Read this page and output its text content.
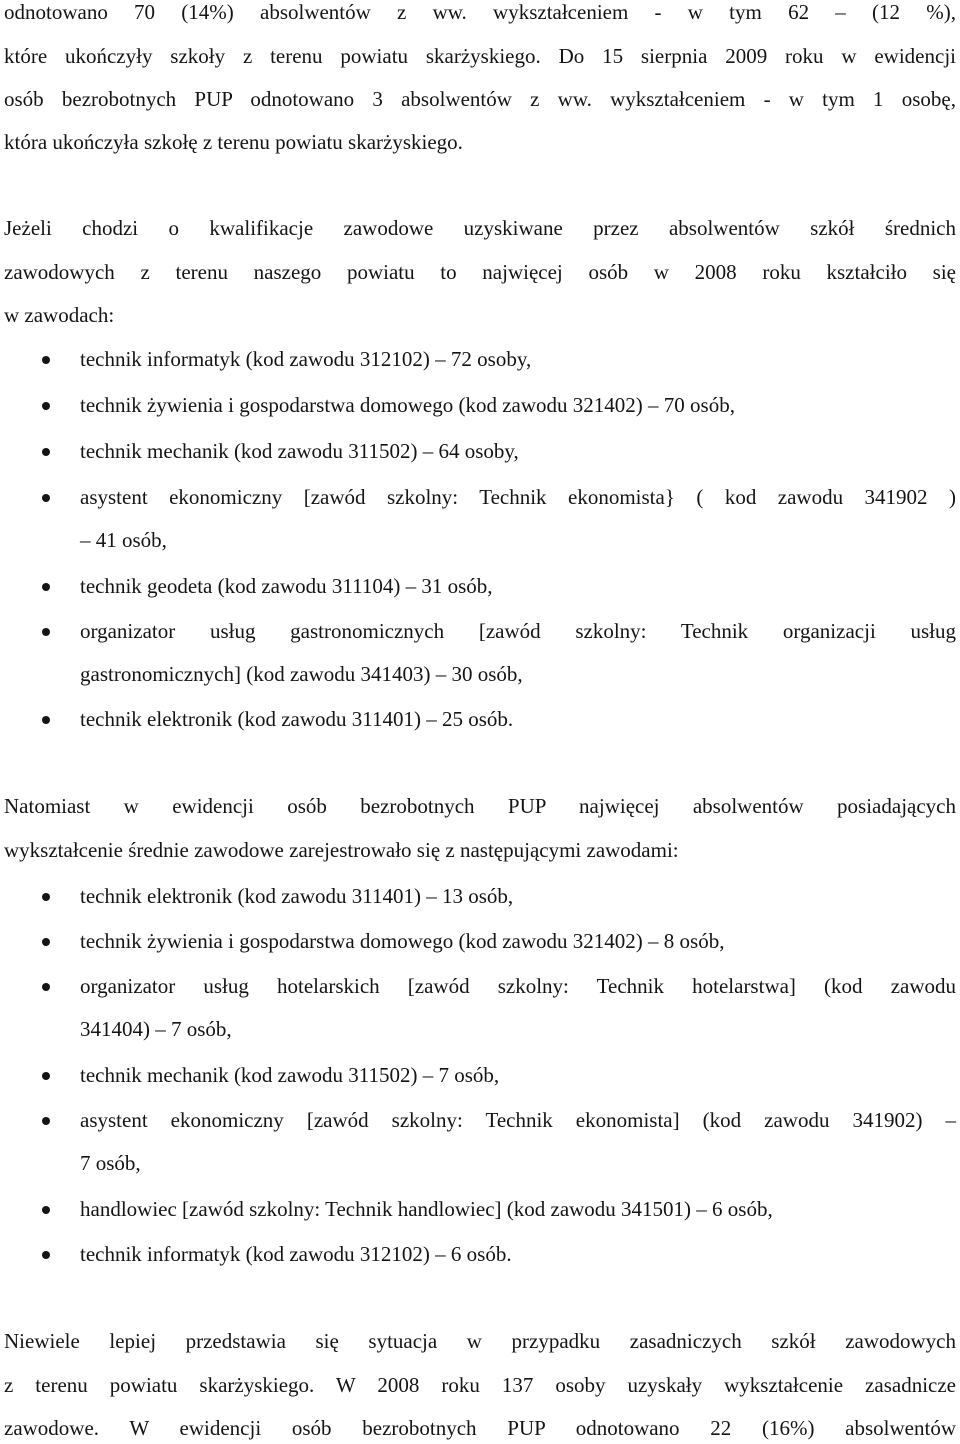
odnotowano 70 (14%) absolwentów z ww. wykształceniem - w tym 62 – (12 %),
które ukończyły szkoły z terenu powiatu skarżyskiego. Do 15 sierpnia 2009 roku w ewidencji
osób bezrobotnych PUP odnotowano 3 absolwentów z ww. wykształceniem - w tym 1 osobę,
która ukończyła szkołę z terenu powiatu skarżyskiego.
Jeżeli chodzi o kwalifikacje zawodowe uzyskiwane przez absolwentów szkół średnich
zawodowych z terenu naszego powiatu to najwięcej osób w 2008 roku kształciło się
w zawodach:
technik informatyk (kod zawodu 312102) – 72 osoby,
technik żywienia i gospodarstwa domowego (kod zawodu 321402) – 70 osób,
technik mechanik (kod zawodu 311502) – 64 osoby,
asystent ekonomiczny [zawód szkolny: Technik ekonomista} ( kod zawodu 341902 )
– 41 osób,
technik geodeta (kod zawodu 311104) – 31 osób,
organizator usług gastronomicznych [zawód szkolny: Technik organizacji usług
gastronomicznych] (kod zawodu 341403) – 30 osób,
technik elektronik (kod zawodu 311401) – 25 osób.
Natomiast w ewidencji osób bezrobotnych PUP najwięcej absolwentów posiadających
wykształcenie średnie zawodowe zarejestrowało się z następującymi zawodami:
technik elektronik (kod zawodu 311401) – 13 osób,
technik żywienia i gospodarstwa domowego (kod zawodu 321402) – 8 osób,
organizator usług hotelarskich [zawód szkolny: Technik hotelarstwa] (kod zawodu
341404) – 7 osób,
technik mechanik (kod zawodu 311502) – 7 osób,
asystent ekonomiczny [zawód szkolny: Technik ekonomista] (kod zawodu 341902) –
7 osób,
handlowiec [zawód szkolny: Technik handlowiec] (kod zawodu 341501) – 6 osób,
technik informatyk (kod zawodu 312102) – 6 osób.
Niewiele lepiej przedstawia się sytuacja w przypadku zasadniczych szkół zawodowych
z terenu powiatu skarżyskiego. W 2008 roku 137 osoby uzyskały wykształcenie zasadnicze
zawodowe. W ewidencji osób bezrobotnych PUP odnotowano 22 (16%) absolwentów
